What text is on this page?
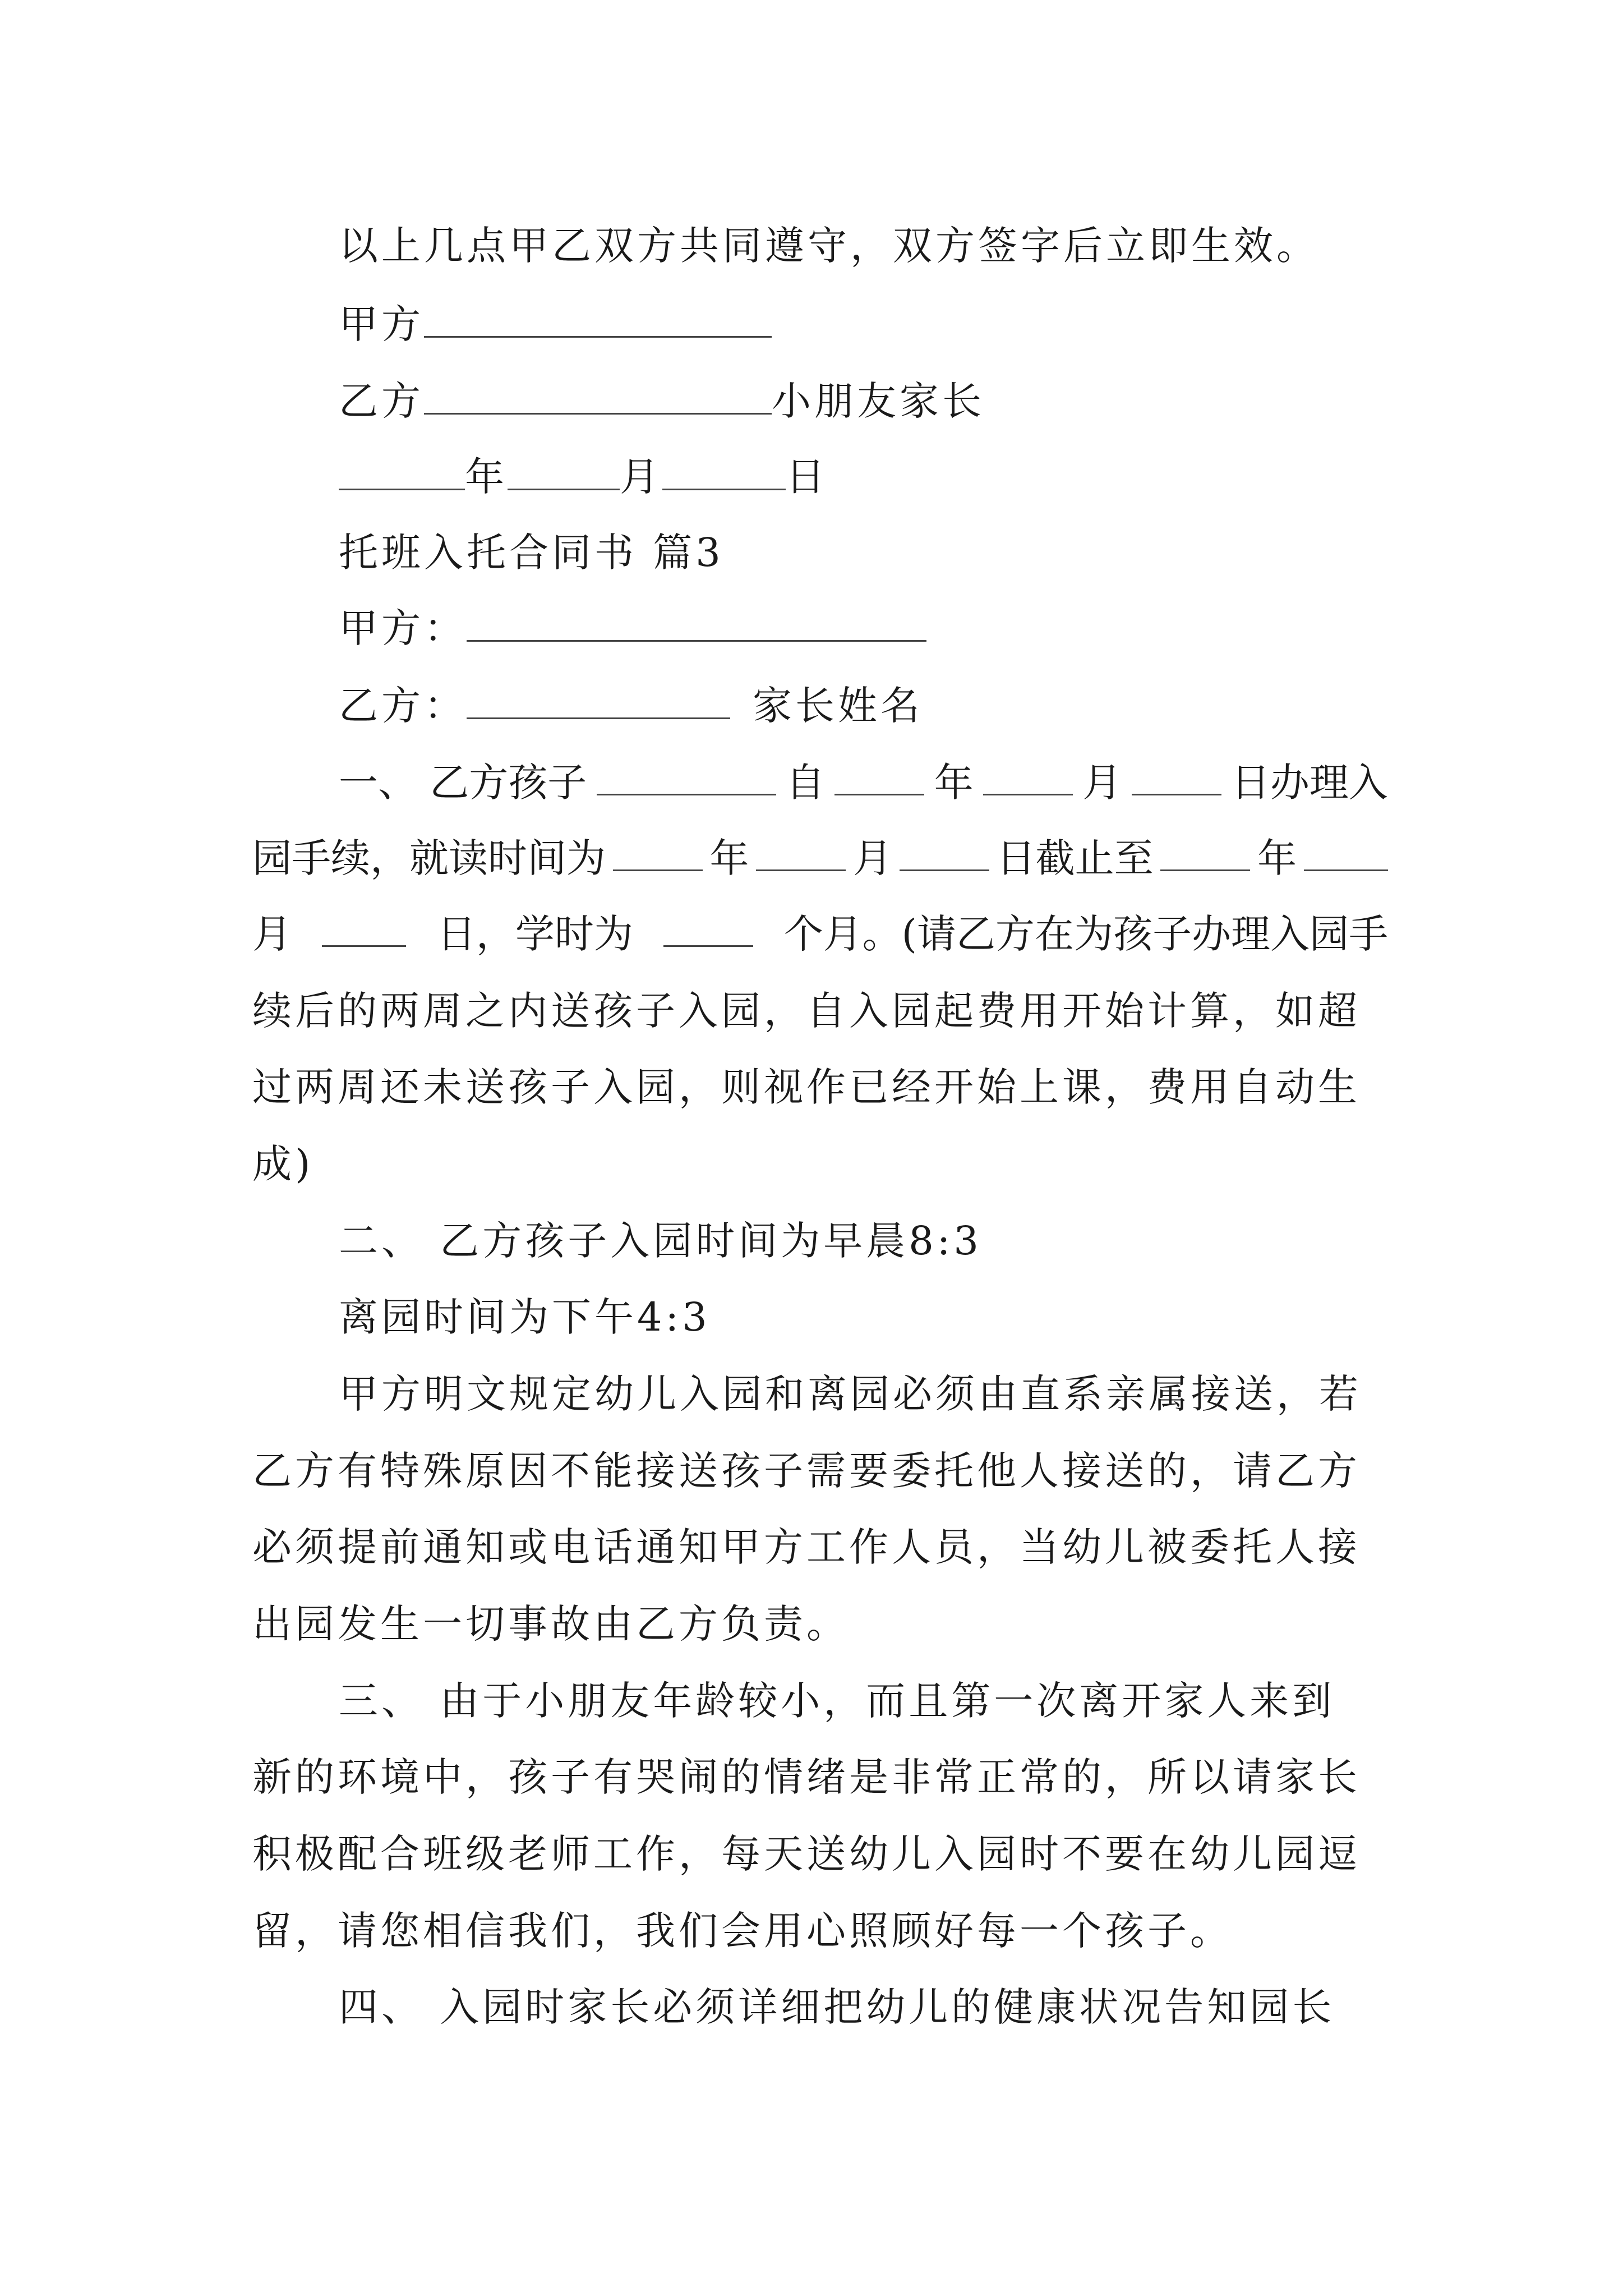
以上几点甲乙双方共同遵守，双方签字后立即生效。
甲方
乙方	小朋友家长
年	月	日
托班入托合同书 篇3
甲方：
乙方：	家长姓名
一、 乙方孩子	自	年	月	日办理入
园手续，就读时间为	年	月	日截止至	年
月	日，学时为	个月。(请乙方在为孩子办理入园手
续后的两周之内送孩子入园，自入园起费用开始计算，如超
过两周还未送孩子入园，则视作已经开始上课，费用自动生
成)
二、 乙方孩子入园时间为早晨8:3
离园时间为下午4:3
甲方明文规定幼儿入园和离园必须由直系亲属接送，若
乙方有特殊原因不能接送孩子需要委托他人接送的，请乙方
必须提前通知或电话通知甲方工作人员，当幼儿被委托人接
出园发生一切事故由乙方负责。
三、 由于小朋友年龄较小，而且第一次离开家人来到
新的环境中，孩子有哭闹的情绪是非常正常的，所以请家长
积极配合班级老师工作，每天送幼儿入园时不要在幼儿园逗
留，请您相信我们，我们会用心照顾好每一个孩子。
四、 入园时家长必须详细把幼儿的健康状况告知园长
